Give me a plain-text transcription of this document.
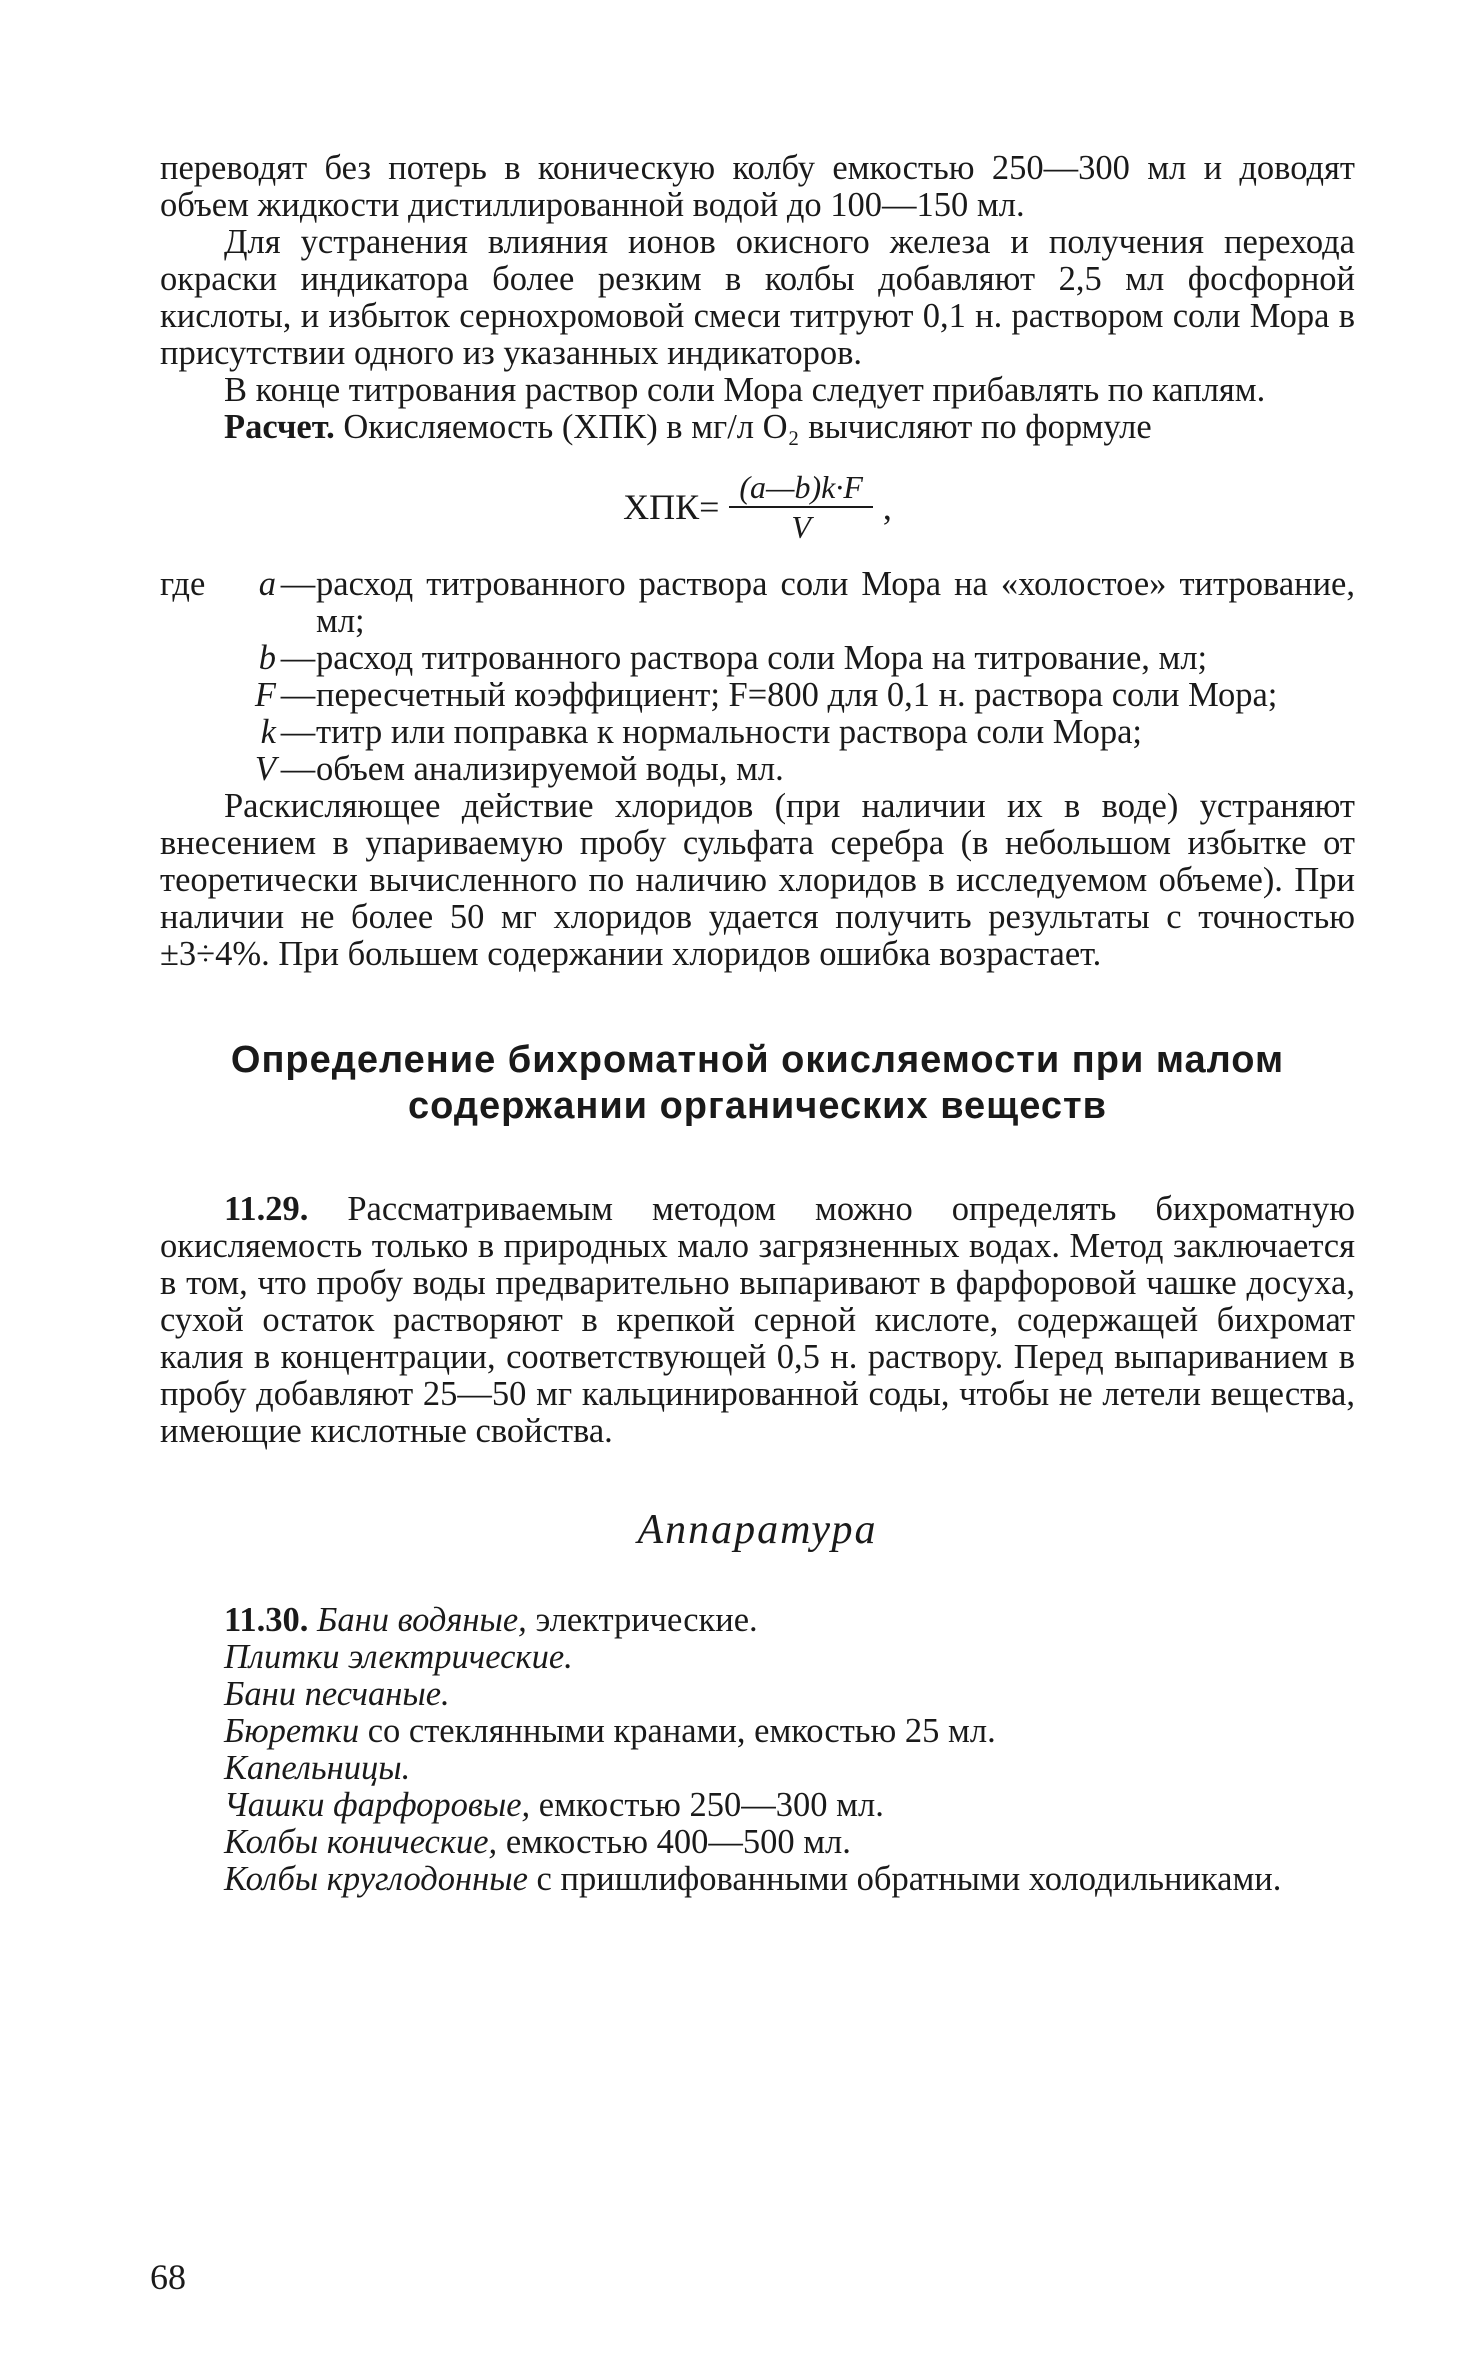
переводят без потерь в коническую колбу емкостью 250—300 мл и доводят объем жидкости дистиллированной водой до 100—150 мл.

Для устранения влияния ионов окисного железа и получения перехода окраски индикатора более резким в колбы добавляют 2,5 мл фосфорной кислоты, и избыток сернохромовой смеси титруют 0,1 н. раствором соли Мора в присутствии одного из указанных индикаторов.

В конце титрования раствор соли Мора следует прибавлять по каплям.

Расчет. Окисляемость (ХПК) в мг/л O₂ вычисляют по формуле

$ХПК= \frac{(a—b)k\cdot F}{V}$ ,
где	a — расход титрованного раствора соли Мора на «холостое» титрование, мл;
b — расход титрованного раствора соли Мора на титрование, мл;
F — пересчетный коэффициент; F=800 для 0,1 н. раствора соли Мора;
k — титр или поправка к нормальности раствора соли Мора;
V — объем анализируемой воды, мл.

Раскисляющее действие хлоридов (при наличии их в воде) устраняют внесением в упариваемую пробу сульфата серебра (в небольшом избытке от теоретически вычисленного по наличию хлоридов в исследуемом объеме). При наличии не более 50 мг хлоридов удается получить результаты с точностью ±3÷4%. При большем содержании хлоридов ошибка возрастает.

Определение бихроматной окисляемости при малом
содержании органических веществ

11.29. Рассматриваемым методом можно определять бихроматную окисляемость только в природных мало загрязненных водах. Метод заключается в том, что пробу воды предварительно выпаривают в фарфоровой чашке досуха, сухой остаток растворяют в крепкой серной кислоте, содержащей бихромат калия в концентрации, соответствующей 0,5 н. раствору. Перед выпариванием в пробу добавляют 25—50 мг кальцинированной соды, чтобы не летели вещества, имеющие кислотные свойства.

Аппаратура

11.30. Бани водяные, электрические.

Плитки электрические.

Бани песчаные.

Бюретки со стеклянными кранами, емкостью 25 мл.

Капельницы.

Чашки фарфоровые, емкостью 250—300 мл.

Колбы конические, емкостью 400—500 мл.

Колбы круглодонные с пришлифованными обратными холодильниками.

68
